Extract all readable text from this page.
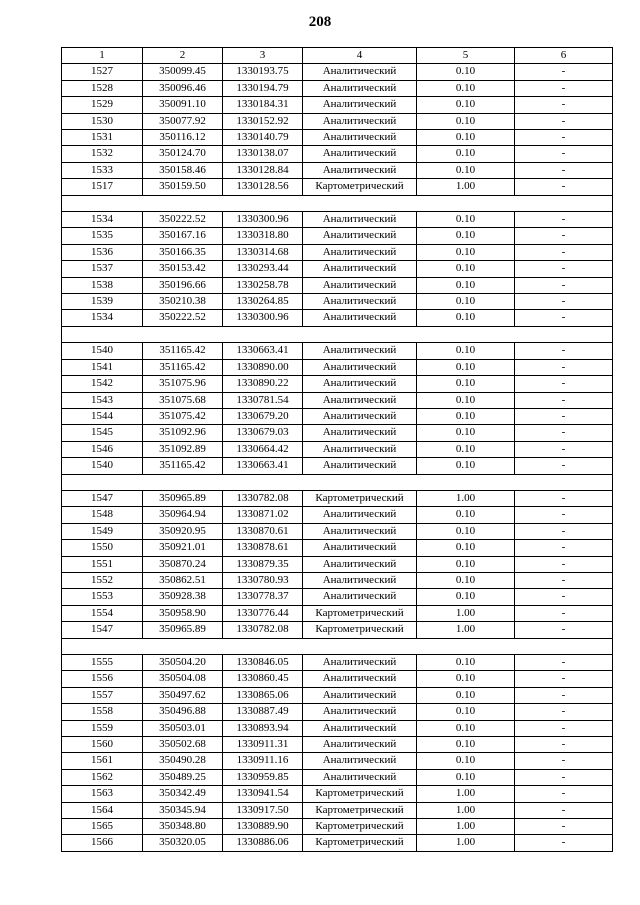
208
1	2	3	4	5	6
1527	350099.45	1330193.75	Аналитический	0.10	-
1528	350096.46	1330194.79	Аналитический	0.10	-
1529	350091.10	1330184.31	Аналитический	0.10	-
1530	350077.92	1330152.92	Аналитический	0.10	-
1531	350116.12	1330140.79	Аналитический	0.10	-
1532	350124.70	1330138.07	Аналитический	0.10	-
1533	350158.46	1330128.84	Аналитический	0.10	-
1517	350159.50	1330128.56	Картометрический	1.00	-

1534	350222.52	1330300.96	Аналитический	0.10	-
1535	350167.16	1330318.80	Аналитический	0.10	-
1536	350166.35	1330314.68	Аналитический	0.10	-
1537	350153.42	1330293.44	Аналитический	0.10	-
1538	350196.66	1330258.78	Аналитический	0.10	-
1539	350210.38	1330264.85	Аналитический	0.10	-
1534	350222.52	1330300.96	Аналитический	0.10	-

1540	351165.42	1330663.41	Аналитический	0.10	-
1541	351165.42	1330890.00	Аналитический	0.10	-
1542	351075.96	1330890.22	Аналитический	0.10	-
1543	351075.68	1330781.54	Аналитический	0.10	-
1544	351075.42	1330679.20	Аналитический	0.10	-
1545	351092.96	1330679.03	Аналитический	0.10	-
1546	351092.89	1330664.42	Аналитический	0.10	-
1540	351165.42	1330663.41	Аналитический	0.10	-

1547	350965.89	1330782.08	Картометрический	1.00	-
1548	350964.94	1330871.02	Аналитический	0.10	-
1549	350920.95	1330870.61	Аналитический	0.10	-
1550	350921.01	1330878.61	Аналитический	0.10	-
1551	350870.24	1330879.35	Аналитический	0.10	-
1552	350862.51	1330780.93	Аналитический	0.10	-
1553	350928.38	1330778.37	Аналитический	0.10	-
1554	350958.90	1330776.44	Картометрический	1.00	-
1547	350965.89	1330782.08	Картометрический	1.00	-

1555	350504.20	1330846.05	Аналитический	0.10	-
1556	350504.08	1330860.45	Аналитический	0.10	-
1557	350497.62	1330865.06	Аналитический	0.10	-
1558	350496.88	1330887.49	Аналитический	0.10	-
1559	350503.01	1330893.94	Аналитический	0.10	-
1560	350502.68	1330911.31	Аналитический	0.10	-
1561	350490.28	1330911.16	Аналитический	0.10	-
1562	350489.25	1330959.85	Аналитический	0.10	-
1563	350342.49	1330941.54	Картометрический	1.00	-
1564	350345.94	1330917.50	Картометрический	1.00	-
1565	350348.80	1330889.90	Картометрический	1.00	-
1566	350320.05	1330886.06	Картометрический	1.00	-
